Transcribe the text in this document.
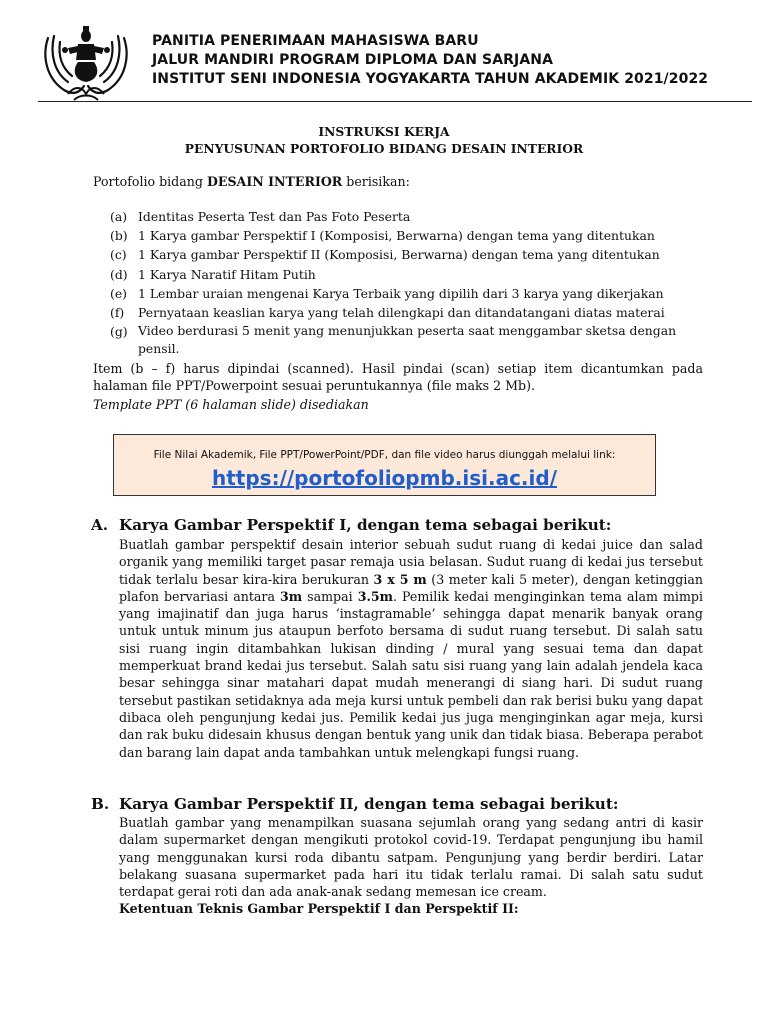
PANITIA PENERIMAAN MAHASISWA BARU
JALUR MANDIRI PROGRAM DIPLOMA DAN SARJANA
INSTITUT SENI INDONESIA YOGYAKARTA TAHUN AKADEMIK 2021/2022
INSTRUKSI KERJA
PENYUSUNAN PORTOFOLIO BIDANG DESAIN INTERIOR
Portofolio bidang DESAIN INTERIOR berisikan:
(a) Identitas Peserta Test dan Pas Foto Peserta
(b) 1 Karya gambar Perspektif I (Komposisi, Berwarna) dengan tema yang ditentukan
(c) 1 Karya gambar Perspektif II (Komposisi, Berwarna) dengan tema yang ditentukan
(d) 1 Karya Naratif Hitam Putih
(e) 1 Lembar uraian mengenai Karya Terbaik yang dipilih dari 3 karya yang dikerjakan
(f) Pernyataan keaslian karya yang telah dilengkapi dan ditandatangani diatas materai
(g) Video berdurasi 5 menit yang menunjukkan peserta saat menggambar sketsa dengan pensil.
Item (b – f) harus dipindai (scanned). Hasil pindai (scan) setiap item dicantumkan pada halaman file PPT/Powerpoint sesuai peruntukannya (file maks 2 Mb).
Template PPT (6 halaman slide) disediakan
File Nilai Akademik, File PPT/PowerPoint/PDF, dan file video harus diunggah melalui link:
https://portofoliopmb.isi.ac.id/
A. Karya Gambar Perspektif I, dengan tema sebagai berikut:

Buatlah gambar perspektif desain interior sebuah sudut ruang di kedai juice dan salad organik yang memiliki target pasar remaja usia belasan. Sudut ruang di kedai jus tersebut tidak terlalu besar kira-kira berukuran 3 x 5 m (3 meter kali 5 meter), dengan ketinggian plafon bervariasi antara 3m sampai 3.5m. Pemilik kedai menginginkan tema alam mimpi yang imajinatif dan juga harus ‘instagramable’ sehingga dapat menarik banyak orang untuk untuk minum jus ataupun berfoto bersama di sudut ruang tersebut. Di salah satu sisi ruang ingin ditambahkan lukisan dinding / mural yang sesuai tema dan dapat memperkuat brand kedai jus tersebut. Salah satu sisi ruang yang lain adalah jendela kaca besar sehingga sinar matahari dapat mudah menerangi di siang hari. Di sudut ruang tersebut pastikan setidaknya ada meja kursi untuk pembeli dan rak berisi buku yang dapat dibaca oleh pengunjung kedai jus. Pemilik kedai jus juga menginginkan agar meja, kursi dan rak buku didesain khusus dengan bentuk yang unik dan tidak biasa. Beberapa perabot dan barang lain dapat anda tambahkan untuk melengkapi fungsi ruang.

B. Karya Gambar Perspektif II, dengan tema sebagai berikut:

Buatlah gambar yang menampilkan suasana sejumlah orang yang sedang antri di kasir dalam supermarket dengan mengikuti protokol covid-19. Terdapat pengunjung ibu hamil yang menggunakan kursi roda dibantu satpam. Pengunjung yang berdir berdiri. Latar belakang suasana supermarket pada hari itu tidak terlalu ramai. Di salah satu sudut terdapat gerai roti dan ada anak-anak sedang memesan ice cream.

Ketentuan Teknis Gambar Perspektif I dan Perspektif II:
